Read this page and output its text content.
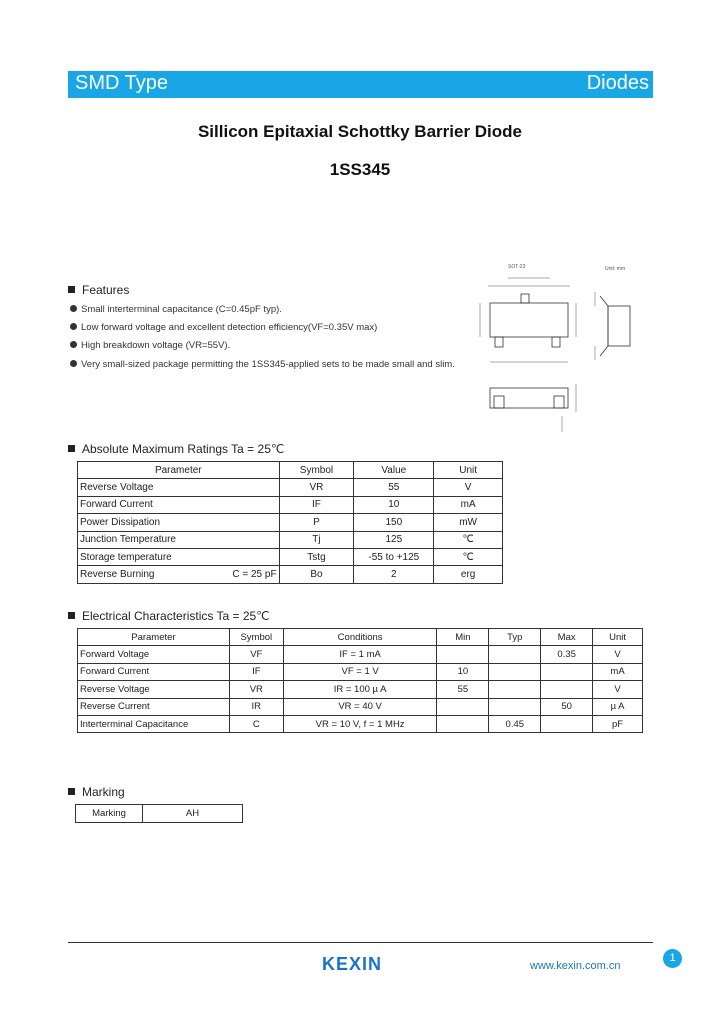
SMD Type	Diodes
Sillicon Epitaxial Schottky Barrier Diode
1SS345
Features
Small interterminal capacitance (C=0.45pF typ).
Low forward voltage and excellent detection efficiency(VF=0.35V max)
High breakdown voltage (VR=55V).
Very small-sized package permitting the 1SS345-applied sets to be made small and slim.
SOT-23	Unit: mm
Absolute Maximum Ratings Ta = 25℃
Parameter		Symbol	Value	Unit
Reverse Voltage		VR	55	V
Forward Current		IF	10	mA
Power Dissipation		P	150	mW
Junction Temperature		Tj	125	℃
Storage temperature		Tstg	-55 to +125	℃
Reverse Burning	C = 25 pF	Bo	2	erg
Electrical Characteristics Ta = 25℃
Parameter	Symbol	Conditions	Min	Typ	Max	Unit
Forward Voltage	VF	IF = 1 mA			0.35	V
Forward Current	IF	VF = 1 V	10			mA
Reverse Voltage	VR	IR = 100 µ A	55			V
Reverse Current	IR	VR = 40 V			50	µ A
Interterminal Capacitance	C	VR = 10 V, f = 1 MHz		0.45		pF
Marking
Marking	AH
KEXIN	www.kexin.com.cn
1
